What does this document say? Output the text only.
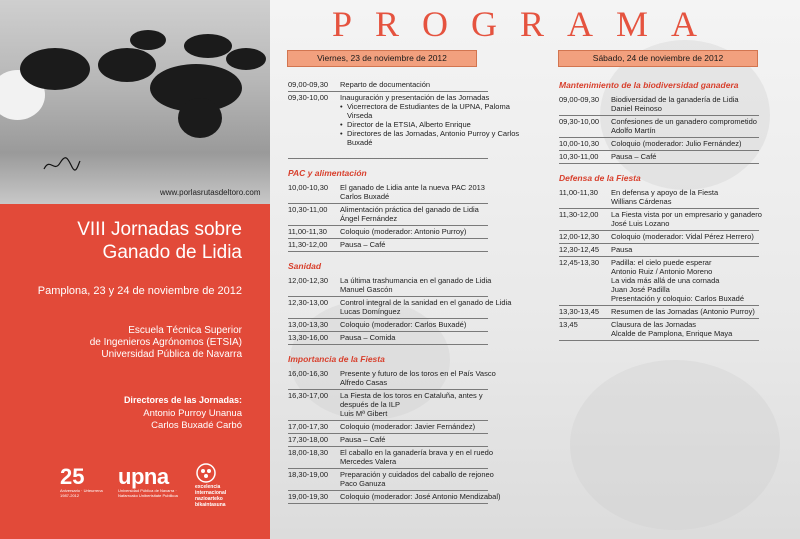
www.porlasrutasdeltoro.com
VIII Jornadas sobre
Ganado de Lidia
Pamplona, 23 y 24 de noviembre de 2012
Escuela Técnica Superior
de Ingenieros Agrónomos (ETSIA)
Universidad Pública de Navarra
Directores de las Jornadas:
Antonio Purroy Unanua
Carlos Buxadé Carbó
25
Aniversario · Urteurrena 1987-2012
upna
Universidad Pública de Navarra · Nafarroako Unibertsitate Publikoa
excelencia
internacional
nazioarteko
bikaintasuna
PROGRAMA
Viernes, 23 de noviembre de 2012	Sábado, 24 de noviembre de 2012
09,00-09,30	Reparto de documentación
09,30-10,00	Inauguración y presentación de las Jornadas
• Vicerrectora de Estudiantes de la UPNA, Paloma Virseda
• Director de la ETSIA, Alberto Enrique
• Directores de las Jornadas, Antonio Purroy y Carlos Buxadé
PAC y alimentación
10,00-10,30	El ganado de Lidia ante la nueva PAC 2013
Carlos Buxadé
10,30-11,00	Alimentación práctica del ganado de Lidia
Ángel Fernández
11,00-11,30	Coloquio (moderador: Antonio Purroy)
11,30-12,00	Pausa – Café
Sanidad
12,00-12,30	La última trashumancia en el ganado de Lidia
Manuel Gascón
12,30-13,00	Control integral de la sanidad en el ganado de Lidia
Lucas Domínguez
13,00-13,30	Coloquio (moderador: Carlos Buxadé)
13,30-16,00	Pausa – Comida
Importancia de la Fiesta
16,00-16,30	Presente y futuro de los toros en el País Vasco
Alfredo Casas
16,30-17,00	La Fiesta de los toros en Cataluña, antes y
después de la ILP
Luis Mª Gibert
17,00-17,30	Coloquio (moderador: Javier Fernández)
17,30-18,00	Pausa – Café
18,00-18,30	El caballo en la ganadería brava y en el ruedo
Mercedes Valera
18,30-19,00	Preparación y cuidados del caballo de rejoneo
Paco Ganuza
19,00-19,30	Coloquio (moderador: José Antonio Mendizabal)
Mantenimiento de la biodiversidad ganadera
09,00-09,30	Biodiversidad de la ganadería de Lidia
Daniel Reinoso
09,30-10,00	Confesiones de un ganadero comprometido
Adolfo Martín
10,00-10,30	Coloquio (moderador: Julio Fernández)
10,30-11,00	Pausa – Café
Defensa de la Fiesta
11,00-11,30	En defensa y apoyo de la Fiesta
Willians Cárdenas
11,30-12,00	La Fiesta vista por un empresario y ganadero
José Luis Lozano
12,00-12,30	Coloquio (moderador: Vidal Pérez Herrero)
12,30-12,45	Pausa
12,45-13,30	Padilla: el cielo puede esperar
Antonio Ruiz / Antonio Moreno
La vida más allá de una cornada
Juan José Padilla
Presentación y coloquio: Carlos Buxadé
13,30-13,45	Resumen de las Jornadas (Antonio Purroy)
13,45	Clausura de las Jornadas
Alcalde de Pamplona, Enrique Maya
